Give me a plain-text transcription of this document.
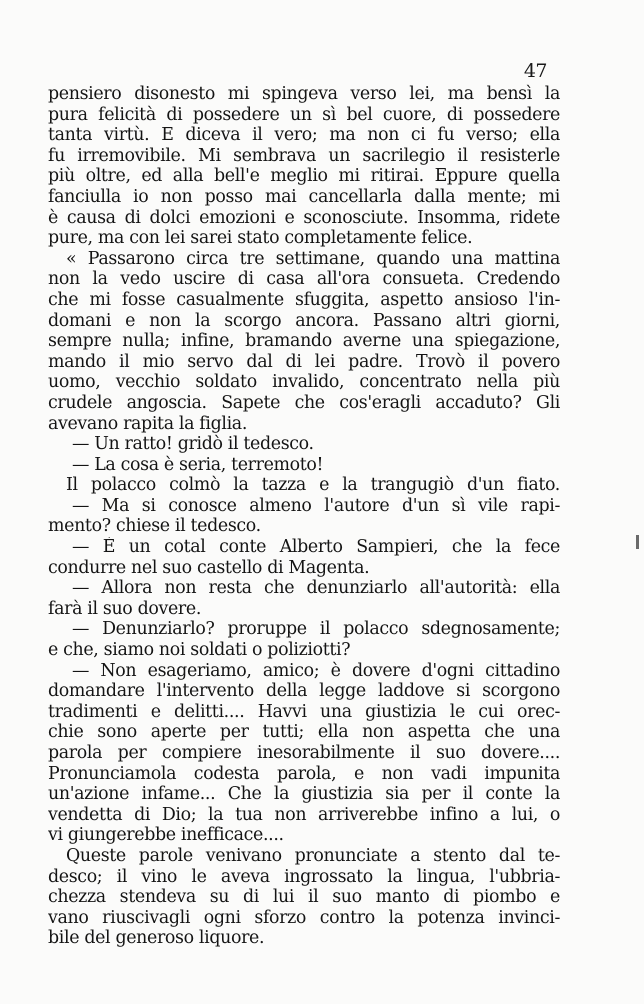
47
pensiero disonesto mi spingeva verso lei, ma bensì la
pura felicità di possedere un sì bel cuore, di possedere
tanta virtù. E diceva il vero; ma non ci fu verso; ella
fu irremovibile. Mi sembrava un sacrilegio il resisterle
più oltre, ed alla bell'e meglio mi ritirai. Eppure quella
fanciulla io non posso mai cancellarla dalla mente; mi
è causa di dolci emozioni e sconosciute. Insomma, ridete
pure, ma con lei sarei stato completamente felice.
« Passarono circa tre settimane, quando una mattina
non la vedo uscire di casa all'ora consueta. Credendo
che mi fosse casualmente sfuggita, aspetto ansioso l'in-
domani e non la scorgo ancora. Passano altri giorni,
sempre nulla; infine, bramando averne una spiegazione,
mando il mio servo dal di lei padre. Trovò il povero
uomo, vecchio soldato invalido, concentrato nella più
crudele angoscia. Sapete che cos'eragli accaduto? Gli
avevano rapita la figlia.
— Un ratto! gridò il tedesco.
— La cosa è seria, terremoto!
Il polacco colmò la tazza e la trangugiò d'un fiato.
— Ma si conosce almeno l'autore d'un sì vile rapi-
mento? chiese il tedesco.
— È un cotal conte Alberto Sampieri, che la fece
condurre nel suo castello di Magenta.
— Allora non resta che denunziarlo all'autorità: ella
farà il suo dovere.
— Denunziarlo? proruppe il polacco sdegnosamente;
e che, siamo noi soldati o poliziotti?
— Non esageriamo, amico; è dovere d'ogni cittadino
domandare l'intervento della legge laddove si scorgono
tradimenti e delitti.... Havvi una giustizia le cui orec-
chie sono aperte per tutti; ella non aspetta che una
parola per compiere inesorabilmente il suo dovere....
Pronunciamola codesta parola, e non vadi impunita
un'azione infame... Che la giustizia sia per il conte la
vendetta di Dio; la tua non arriverebbe infino a lui, o
vi giungerebbe inefficace....
Queste parole venivano pronunciate a stento dal te-
desco; il vino le aveva ingrossato la lingua, l'ubbria-
chezza stendeva su di lui il suo manto di piombo e
vano riuscivagli ogni sforzo contro la potenza invinci-
bile del generoso liquore.
